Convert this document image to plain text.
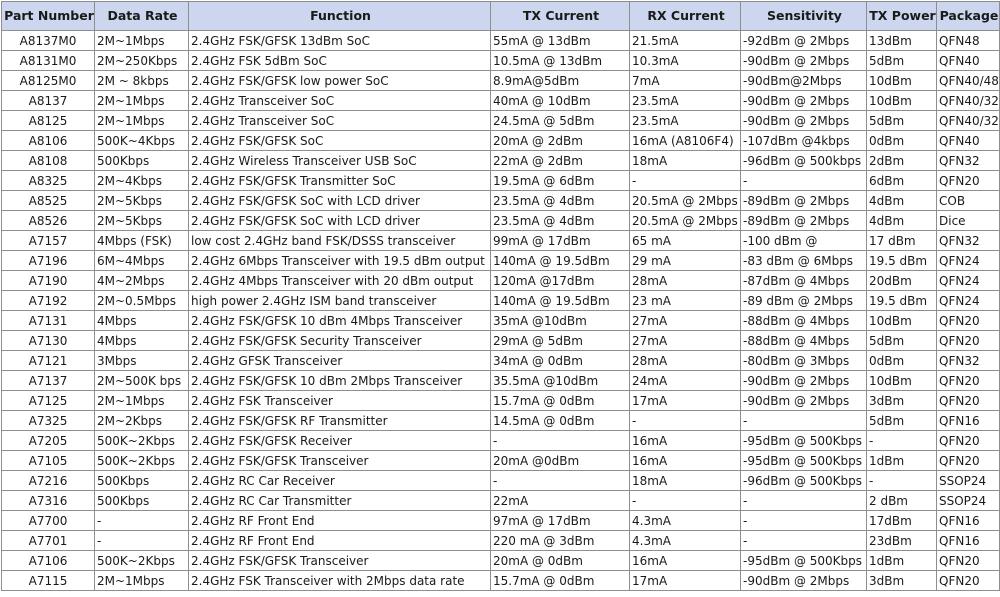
Part Number	Data Rate	Function	TX Current	RX Current	Sensitivity	TX Power	Package
A8137M0	2M~1Mbps	2.4GHz FSK/GFSK 13dBm SoC	55mA @ 13dBm	21.5mA	-92dBm @ 2Mbps	13dBm	QFN48
A8131M0	2M~250Kbps	2.4GHz FSK 5dBm SoC	10.5mA @ 13dBm	10.3mA	-90dBm @ 2Mbps	5dBm	QFN40
A8125M0	2M ~ 8kbps	2.4GHz FSK/GFSK low power SoC	8.9mA@5dBm	7mA	-90dBm@2Mbps	10dBm	QFN40/48
A8137	2M~1Mbps	2.4GHz Transceiver SoC	40mA @ 10dBm	23.5mA	-90dBm @ 2Mbps	10dBm	QFN40/32
A8125	2M~1Mbps	2.4GHz Transceiver SoC	24.5mA @ 5dBm	23.5mA	-90dBm @ 2Mbps	5dBm	QFN40/32
A8106	500K~4Kbps	2.4GHz FSK/GFSK SoC	20mA @ 2dBm	16mA (A8106F4)	-107dBm @4kbps	0dBm	QFN40
A8108	500Kbps	2.4GHz Wireless Transceiver USB SoC	22mA @ 2dBm	18mA	-96dBm @ 500kbps	2dBm	QFN32
A8325	2M~4Kbps	2.4GHz FSK/GFSK Transmitter SoC	19.5mA @ 6dBm	-	-	6dBm	QFN20
A8525	2M~5Kbps	2.4GHz FSK/GFSK SoC with LCD driver	23.5mA @ 4dBm	20.5mA @ 2Mbps	-89dBm @ 2Mbps	4dBm	COB
A8526	2M~5Kbps	2.4GHz FSK/GFSK SoC with LCD driver	23.5mA @ 4dBm	20.5mA @ 2Mbps	-89dBm @ 2Mbps	4dBm	Dice
A7157	4Mbps (FSK)	low cost 2.4GHz band FSK/DSSS transceiver	99mA @ 17dBm	65 mA	-100 dBm @	17 dBm	QFN32
A7196	6M~4Mbps	2.4GHz 6Mbps Transceiver with 19.5 dBm output	140mA @ 19.5dBm	29 mA	-83 dBm @ 6Mbps	19.5 dBm	QFN24
A7190	4M~2Mbps	2.4GHz 4Mbps Transceiver with 20 dBm output	120mA @17dBm	28mA	-87dBm @ 4Mbps	20dBm	QFN24
A7192	2M~0.5Mbps	high power 2.4GHz ISM band transceiver	140mA @ 19.5dBm	23 mA	-89 dBm @ 2Mbps	19.5 dBm	QFN24
A7131	4Mbps	2.4GHz FSK/GFSK 10 dBm 4Mbps Transceiver	35mA @10dBm	27mA	-88dBm @ 4Mbps	10dBm	QFN20
A7130	4Mbps	2.4GHz FSK/GFSK Security Transceiver	29mA @ 5dBm	27mA	-88dBm @ 4Mbps	5dBm	QFN20
A7121	3Mbps	2.4GHz GFSK Transceiver	34mA @ 0dBm	28mA	-80dBm @ 3Mbps	0dBm	QFN32
A7137	2M~500K bps	2.4GHz FSK/GFSK 10 dBm 2Mbps Transceiver	35.5mA @10dBm	24mA	-90dBm @ 2Mbps	10dBm	QFN20
A7125	2M~1Mbps	2.4GHz FSK Transceiver	15.7mA @ 0dBm	17mA	-90dBm @ 2Mbps	3dBm	QFN20
A7325	2M~2Kbps	2.4GHz FSK/GFSK RF Transmitter	14.5mA @ 0dBm	-	-	5dBm	QFN16
A7205	500K~2Kbps	2.4GHz FSK/GFSK Receiver	-	16mA	-95dBm @ 500Kbps	-	QFN20
A7105	500K~2Kbps	2.4GHz FSK/GFSK Transceiver	20mA @0dBm	16mA	-95dBm @ 500Kbps	1dBm	QFN20
A7216	500Kbps	2.4GHz RC Car Receiver	-	18mA	-96dBm @ 500Kbps	-	SSOP24
A7316	500Kbps	2.4GHz RC Car Transmitter	22mA	-	-	2 dBm	SSOP24
A7700	-	2.4GHz RF Front End	97mA @ 17dBm	4.3mA	-	17dBm	QFN16
A7701	-	2.4GHz RF Front End	220 mA @ 3dBm	4.3mA	-	23dBm	QFN16
A7106	500K~2Kbps	2.4GHz FSK/GFSK Transceiver	20mA @ 0dBm	16mA	-95dBm @ 500Kbps	1dBm	QFN20
A7115	2M~1Mbps	2.4GHz FSK Transceiver with 2Mbps data rate	15.7mA @ 0dBm	17mA	-90dBm @ 2Mbps	3dBm	QFN20
